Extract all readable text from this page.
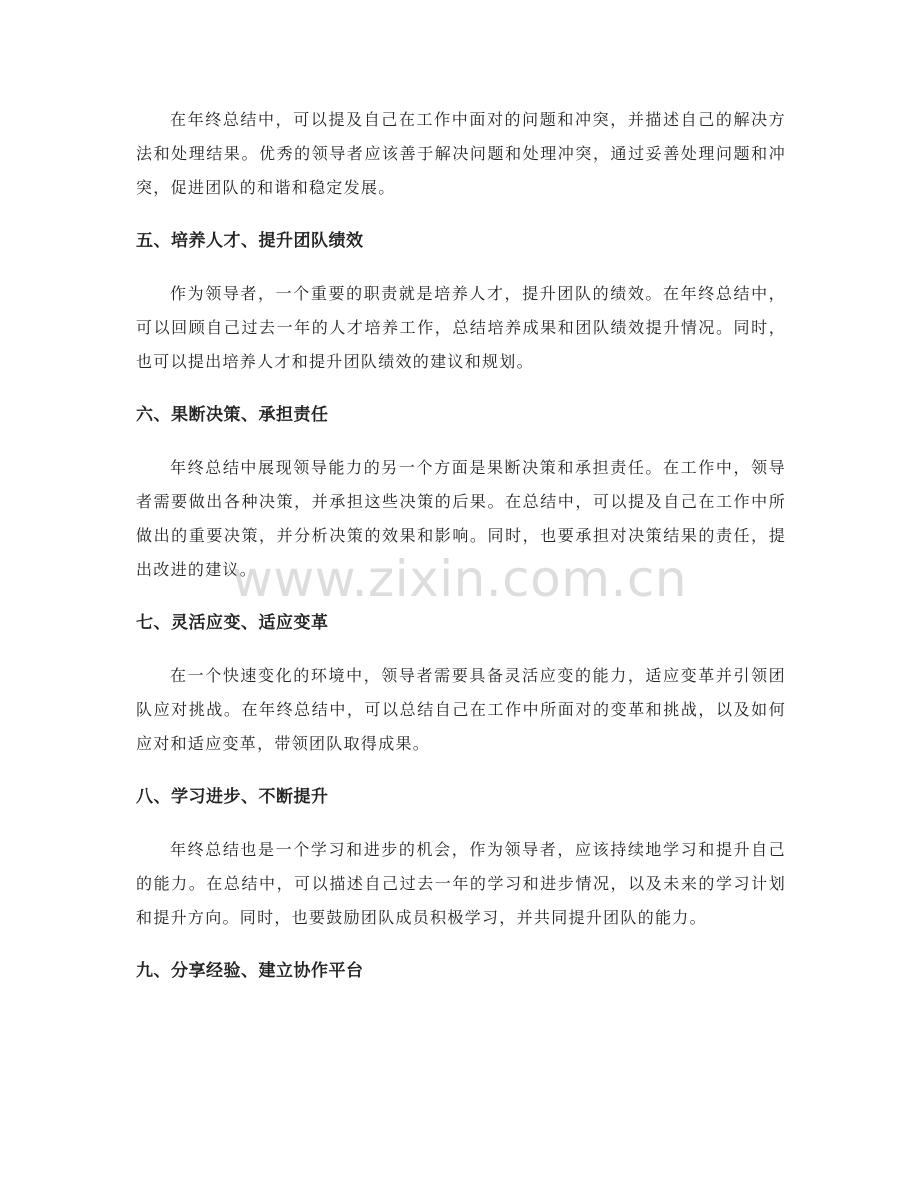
在年终总结中，可以提及自己在工作中面对的问题和冲突，并描述自己的解决方法和处理结果。优秀的领导者应该善于解决问题和处理冲突，通过妥善处理问题和冲突，促进团队的和谐和稳定发展。

五、培养人才、提升团队绩效

作为领导者，一个重要的职责就是培养人才，提升团队的绩效。在年终总结中，可以回顾自己过去一年的人才培养工作，总结培养成果和团队绩效提升情况。同时，也可以提出培养人才和提升团队绩效的建议和规划。

六、果断决策、承担责任

年终总结中展现领导能力的另一个方面是果断决策和承担责任。在工作中，领导者需要做出各种决策，并承担这些决策的后果。在总结中，可以提及自己在工作中所做出的重要决策，并分析决策的效果和影响。同时，也要承担对决策结果的责任，提出改进的建议。

七、灵活应变、适应变革

在一个快速变化的环境中，领导者需要具备灵活应变的能力，适应变革并引领团队应对挑战。在年终总结中，可以总结自己在工作中所面对的变革和挑战，以及如何应对和适应变革，带领团队取得成果。

八、学习进步、不断提升

年终总结也是一个学习和进步的机会，作为领导者，应该持续地学习和提升自己的能力。在总结中，可以描述自己过去一年的学习和进步情况，以及未来的学习计划和提升方向。同时，也要鼓励团队成员积极学习，并共同提升团队的能力。

九、分享经验、建立协作平台
www.zixin.com.cn
